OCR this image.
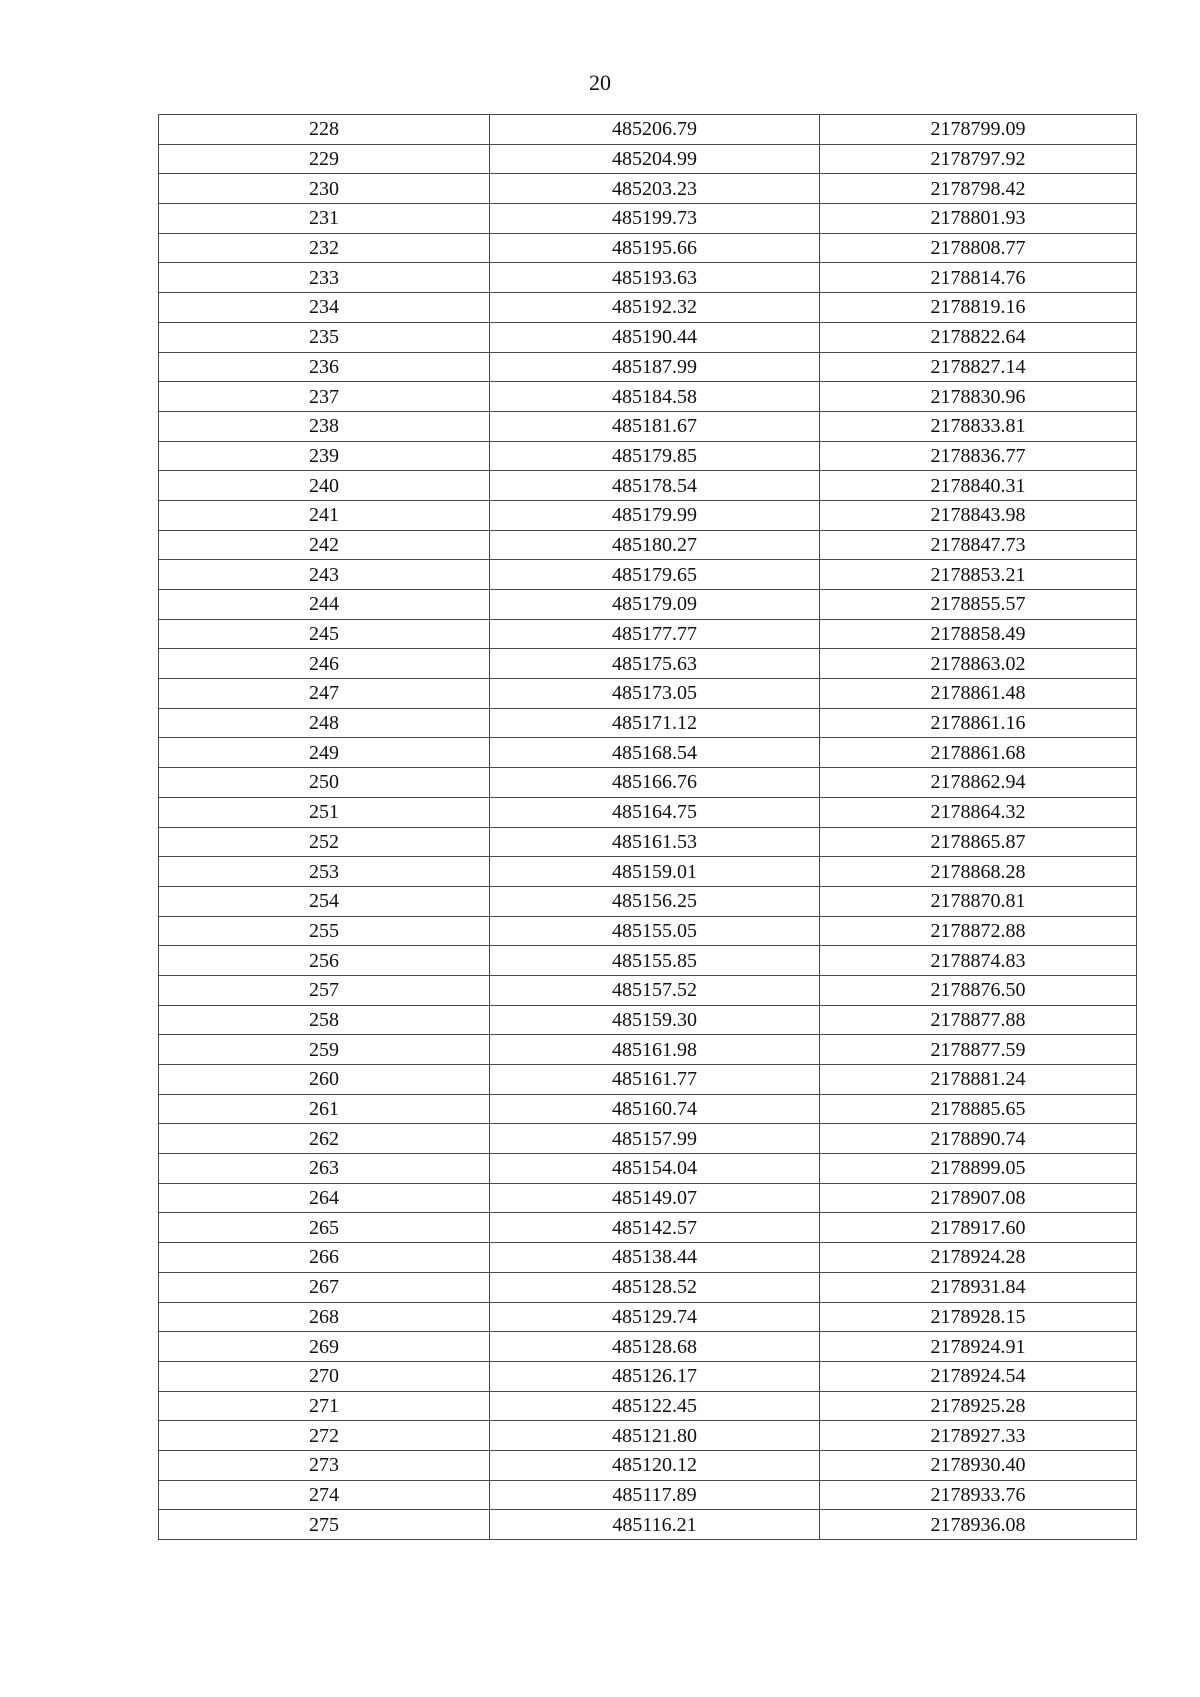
20
228	485206.79	2178799.09
229	485204.99	2178797.92
230	485203.23	2178798.42
231	485199.73	2178801.93
232	485195.66	2178808.77
233	485193.63	2178814.76
234	485192.32	2178819.16
235	485190.44	2178822.64
236	485187.99	2178827.14
237	485184.58	2178830.96
238	485181.67	2178833.81
239	485179.85	2178836.77
240	485178.54	2178840.31
241	485179.99	2178843.98
242	485180.27	2178847.73
243	485179.65	2178853.21
244	485179.09	2178855.57
245	485177.77	2178858.49
246	485175.63	2178863.02
247	485173.05	2178861.48
248	485171.12	2178861.16
249	485168.54	2178861.68
250	485166.76	2178862.94
251	485164.75	2178864.32
252	485161.53	2178865.87
253	485159.01	2178868.28
254	485156.25	2178870.81
255	485155.05	2178872.88
256	485155.85	2178874.83
257	485157.52	2178876.50
258	485159.30	2178877.88
259	485161.98	2178877.59
260	485161.77	2178881.24
261	485160.74	2178885.65
262	485157.99	2178890.74
263	485154.04	2178899.05
264	485149.07	2178907.08
265	485142.57	2178917.60
266	485138.44	2178924.28
267	485128.52	2178931.84
268	485129.74	2178928.15
269	485128.68	2178924.91
270	485126.17	2178924.54
271	485122.45	2178925.28
272	485121.80	2178927.33
273	485120.12	2178930.40
274	485117.89	2178933.76
275	485116.21	2178936.08
